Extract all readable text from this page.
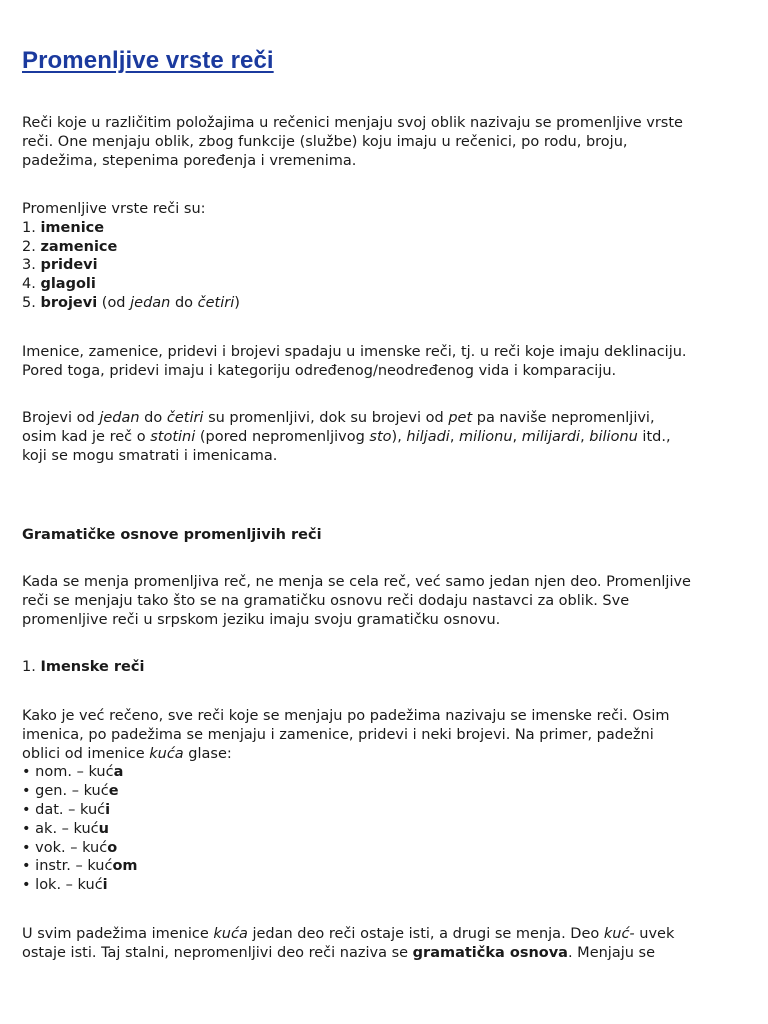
Promenljive vrste reči

Reči koje u različitim položajima u rečenici menjaju svoj oblik nazivaju se promenljive vrste

reči. One menjaju oblik, zbog funkcije (službe) koju imaju u rečenici, po rodu, broju,

padežima, stepenima poređenja i vremenima.

Promenljive vrste reči su:

1. imenice

2. zamenice

3. pridevi

4. glagoli

5. brojevi (od jedan do četiri)

Imenice, zamenice, pridevi i brojevi spadaju u imenske reči, tj. u reči koje imaju deklinaciju.

Pored toga, pridevi imaju i kategoriju određenog/neodređenog vida i komparaciju.

Brojevi od jedan do četiri su promenljivi, dok su brojevi od pet pa naviše nepromenljivi,

osim kad je reč o stotini (pored nepromenljivog sto), hiljadi, milionu, milijardi, bilionu itd.,

koji se mogu smatrati i imenicama.

Gramatičke osnove promenljivih reči

Kada se menja promenljiva reč, ne menja se cela reč, već samo jedan njen deo. Promenljive

reči se menjaju tako što se na gramatičku osnovu reči dodaju nastavci za oblik. Sve

promenljive reči u srpskom jeziku imaju svoju gramatičku osnovu.

1. Imenske reči

Kako je već rečeno, sve reči koje se menjaju po padežima nazivaju se imenske reči. Osim

imenica, po padežima se menjaju i zamenice, pridevi i neki brojevi. Na primer, padežni

oblici od imenice kuća glase:

• nom. – kuća

• gen. – kuće

• dat. – kući

• ak. – kuću

• vok. – kućo

• instr. – kućom

• lok. – kući

U svim padežima imenice kuća jedan deo reči ostaje isti, a drugi se menja. Deo kuć- uvek

ostaje isti. Taj stalni, nepromenljivi deo reči naziva se gramatička osnova. Menjaju se
